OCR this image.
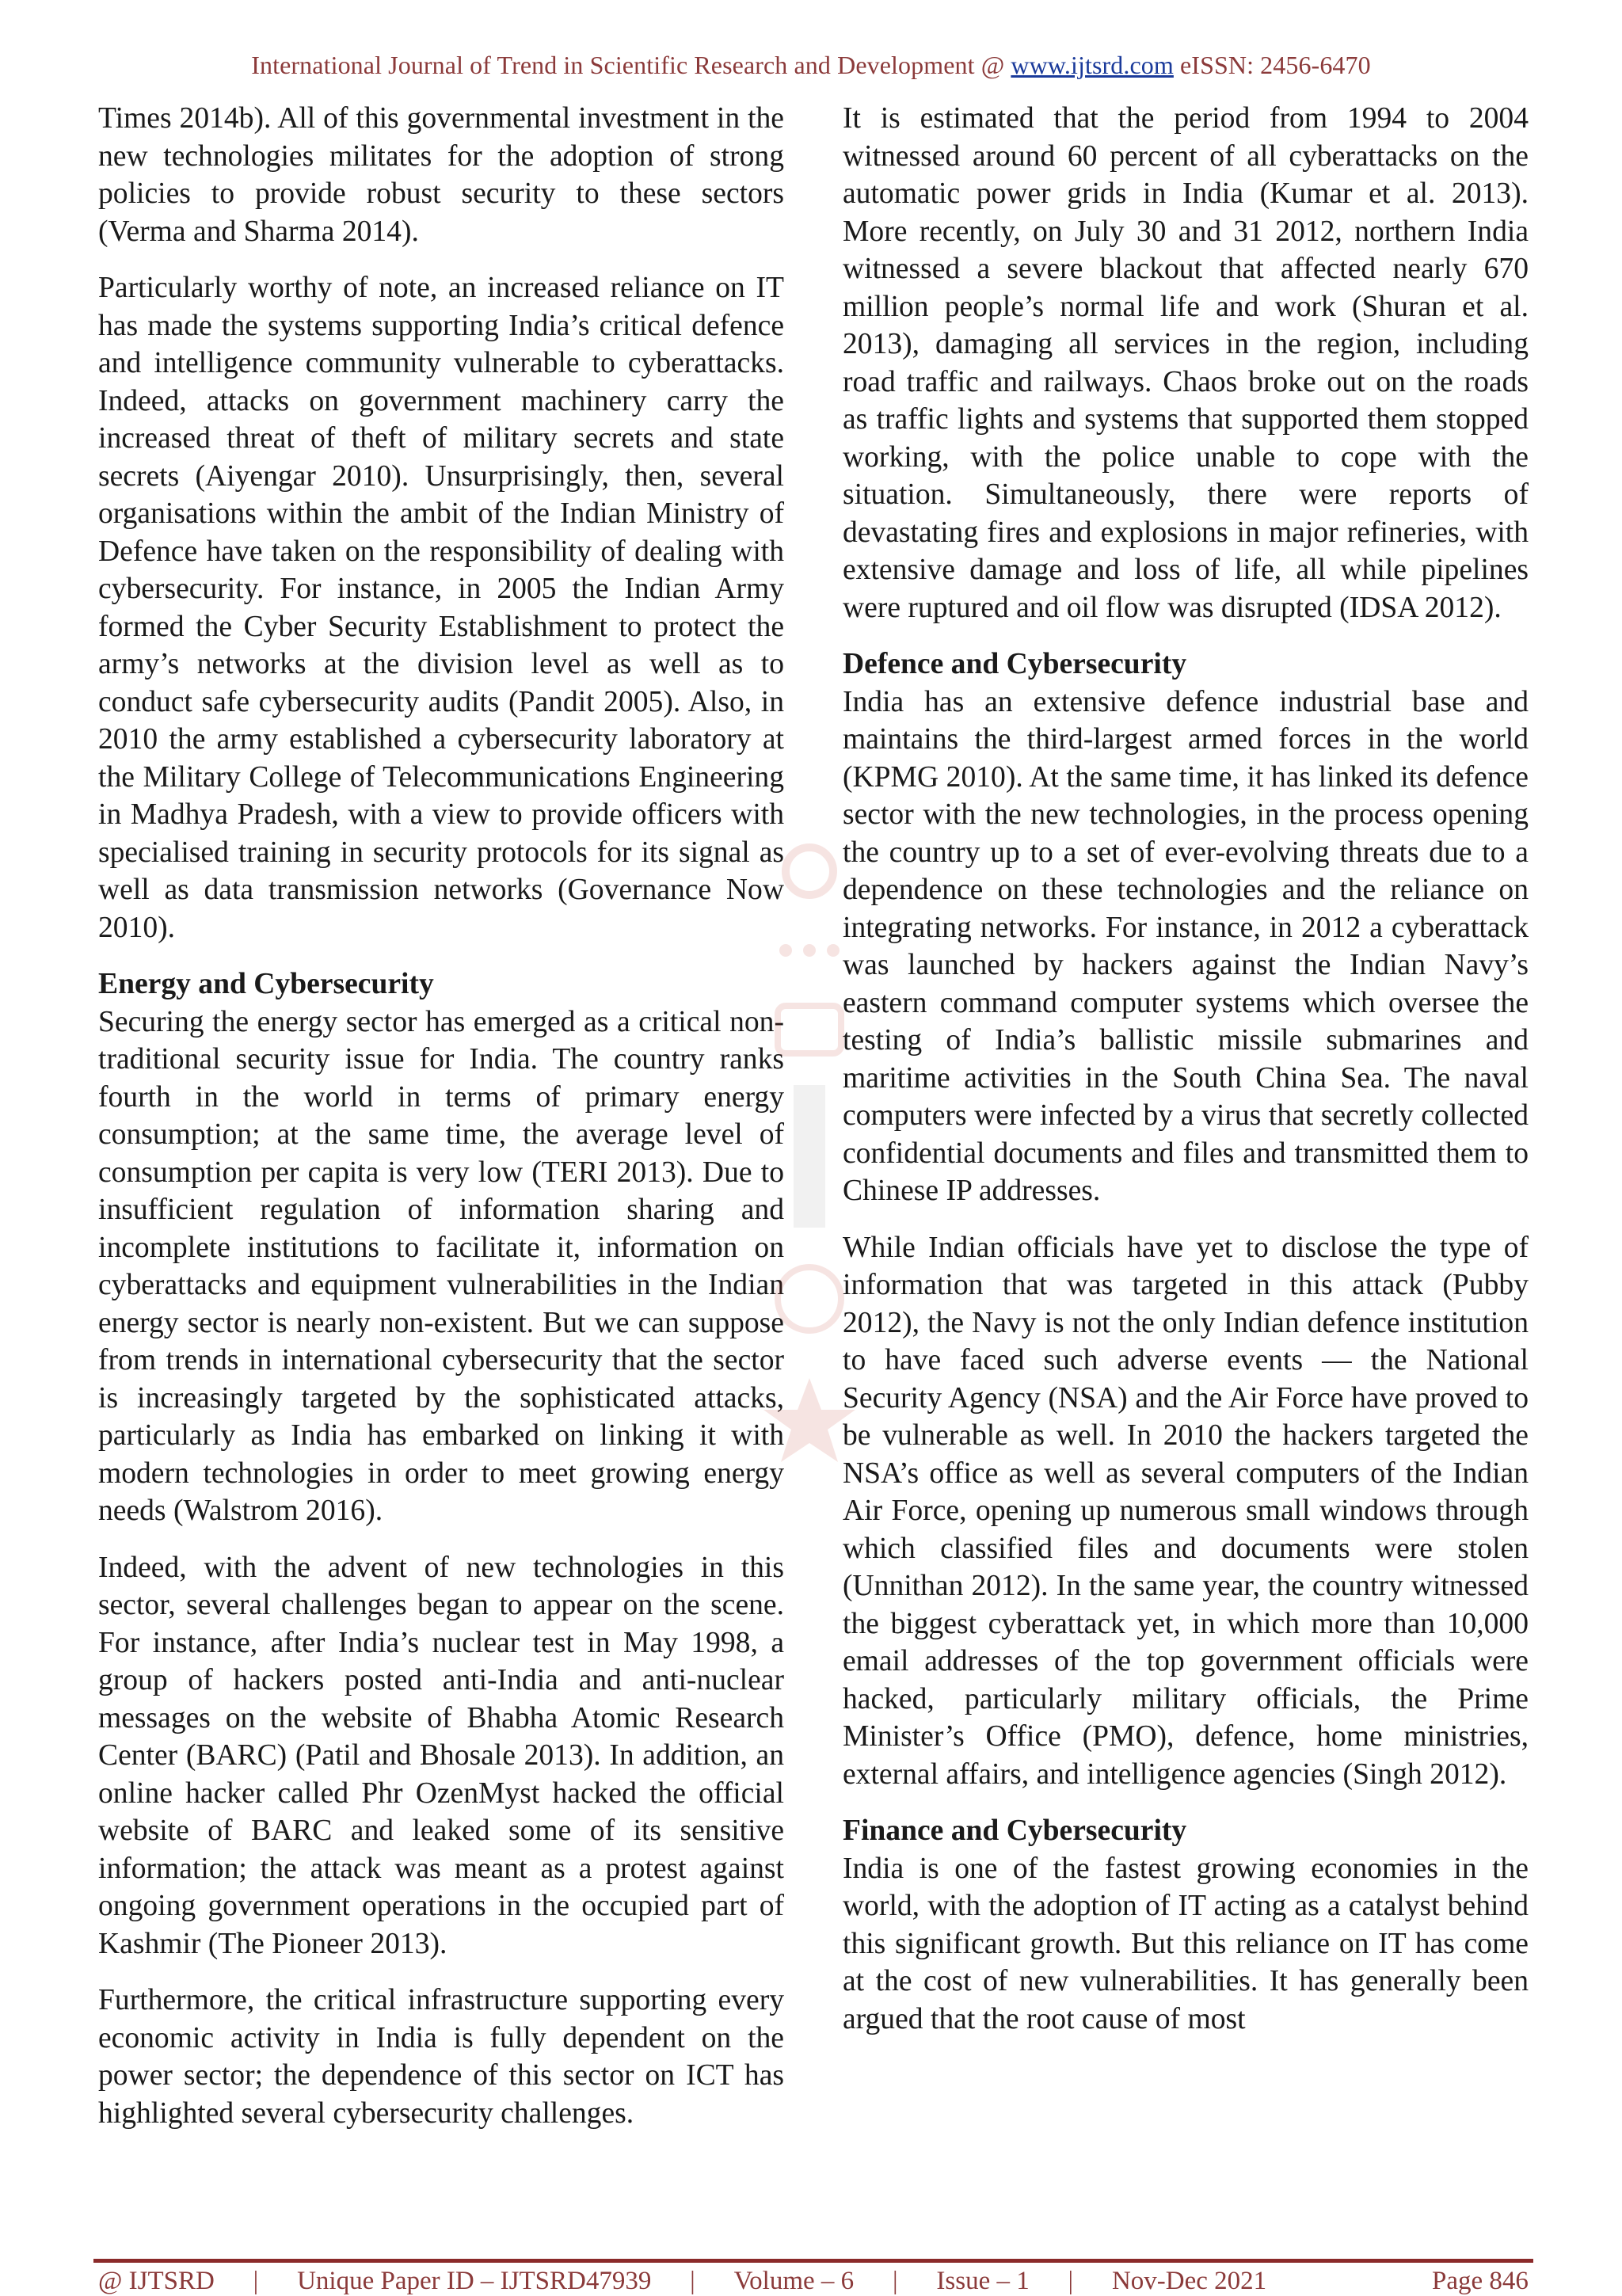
International Journal of Trend in Scientific Research and Development @ www.ijtsrd.com eISSN: 2456-6470

Times 2014b). All of this governmental investment in the new technologies militates for the adoption of strong policies to provide robust security to these sectors (Verma and Sharma 2014).

Particularly worthy of note, an increased reliance on IT has made the systems supporting India’s critical defence and intelligence community vulnerable to cyberattacks. Indeed, attacks on government machinery carry the increased threat of theft of military secrets and state secrets (Aiyengar 2010). Unsurprisingly, then, several organisations within the ambit of the Indian Ministry of Defence have taken on the responsibility of dealing with cybersecurity. For instance, in 2005 the Indian Army formed the Cyber Security Establishment to protect the army’s networks at the division level as well as to conduct safe cybersecurity audits (Pandit 2005). Also, in 2010 the army established a cybersecurity laboratory at the Military College of Telecommunications Engineering in Madhya Pradesh, with a view to provide officers with specialised training in security protocols for its signal as well as data transmission networks (Governance Now 2010).

Energy and Cybersecurity

Securing the energy sector has emerged as a critical non-traditional security issue for India. The country ranks fourth in the world in terms of primary energy consumption; at the same time, the average level of consumption per capita is very low (TERI 2013). Due to insufficient regulation of information sharing and incomplete institutions to facilitate it, information on cyberattacks and equipment vulnerabilities in the Indian energy sector is nearly non-existent. But we can suppose from trends in international cybersecurity that the sector is increasingly targeted by the sophisticated attacks, particularly as India has embarked on linking it with modern technologies in order to meet growing energy needs (Walstrom 2016).

Indeed, with the advent of new technologies in this sector, several challenges began to appear on the scene. For instance, after India’s nuclear test in May 1998, a group of hackers posted anti-India and anti-nuclear messages on the website of Bhabha Atomic Research Center (BARC) (Patil and Bhosale 2013). In addition, an online hacker called Phr OzenMyst hacked the official website of BARC and leaked some of its sensitive information; the attack was meant as a protest against ongoing government operations in the occupied part of Kashmir (The Pioneer 2013).

Furthermore, the critical infrastructure supporting every economic activity in India is fully dependent on the power sector; the dependence of this sector on ICT has highlighted several cybersecurity challenges.

It is estimated that the period from 1994 to 2004 witnessed around 60 percent of all cyberattacks on the automatic power grids in India (Kumar et al. 2013). More recently, on July 30 and 31 2012, northern India witnessed a severe blackout that affected nearly 670 million people’s normal life and work (Shuran et al. 2013), damaging all services in the region, including road traffic and railways. Chaos broke out on the roads as traffic lights and systems that supported them stopped working, with the police unable to cope with the situation. Simultaneously, there were reports of devastating fires and explosions in major refineries, with extensive damage and loss of life, all while pipelines were ruptured and oil flow was disrupted (IDSA 2012).

Defence and Cybersecurity

India has an extensive defence industrial base and maintains the third-largest armed forces in the world (KPMG 2010). At the same time, it has linked its defence sector with the new technologies, in the process opening the country up to a set of ever-evolving threats due to a dependence on these technologies and the reliance on integrating networks. For instance, in 2012 a cyberattack was launched by hackers against the Indian Navy’s eastern command computer systems which oversee the testing of India’s ballistic missile submarines and maritime activities in the South China Sea. The naval computers were infected by a virus that secretly collected confidential documents and files and transmitted them to Chinese IP addresses.

While Indian officials have yet to disclose the type of information that was targeted in this attack (Pubby 2012), the Navy is not the only Indian defence institution to have faced such adverse events — the National Security Agency (NSA) and the Air Force have proved to be vulnerable as well. In 2010 the hackers targeted the NSA’s office as well as several computers of the Indian Air Force, opening up numerous small windows through which classified files and documents were stolen (Unnithan 2012). In the same year, the country witnessed the biggest cyberattack yet, in which more than 10,000 email addresses of the top government officials were hacked, particularly military officials, the Prime Minister’s Office (PMO), defence, home ministries, external affairs, and intelligence agencies (Singh 2012).

Finance and Cybersecurity

India is one of the fastest growing economies in the world, with the adoption of IT acting as a catalyst behind this significant growth. But this reliance on IT has come at the cost of new vulnerabilities. It has generally been argued that the root cause of most

@ IJTSRD | Unique Paper ID – IJTSRD47939 | Volume – 6 | Issue – 1 | Nov-Dec 2021	Page 846
